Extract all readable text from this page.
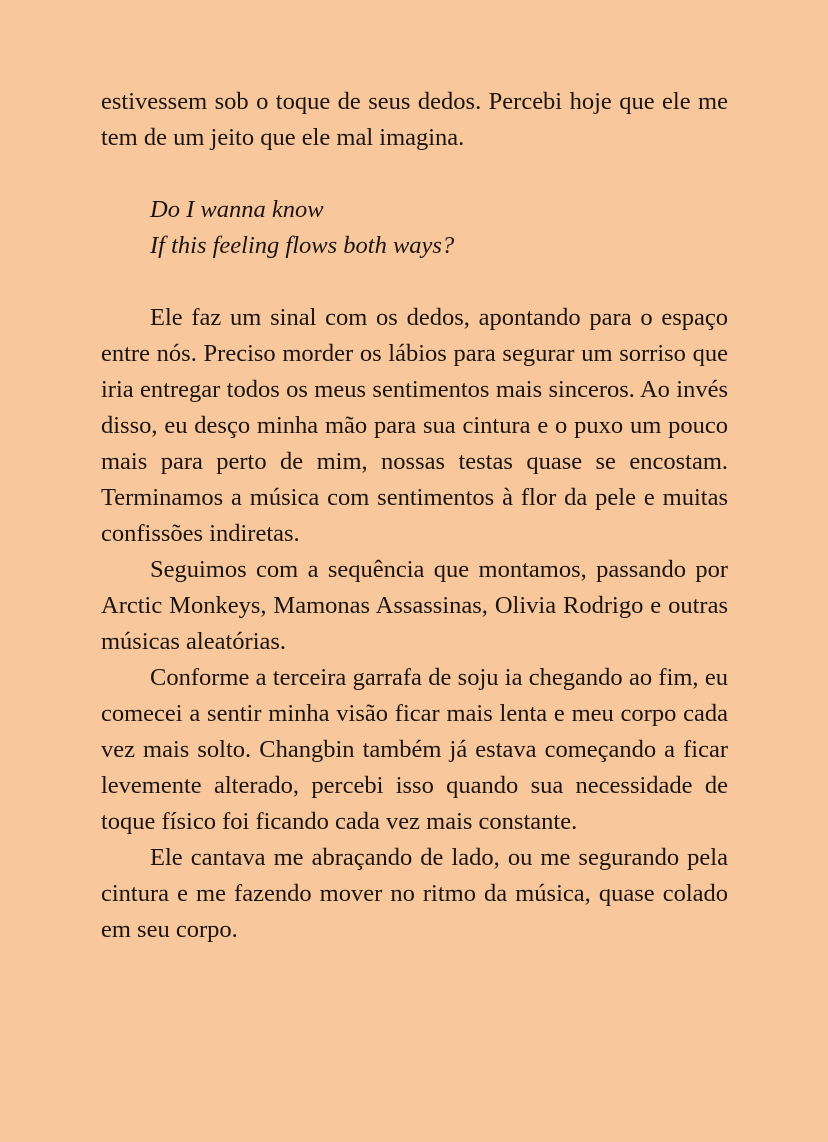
estivessem sob o toque de seus dedos. Percebi hoje que ele me tem de um jeito que ele mal imagina.

Do I wanna know
If this feeling flows both ways?

Ele faz um sinal com os dedos, apontando para o espaço entre nós. Preciso morder os lábios para segurar um sorriso que iria entregar todos os meus sentimentos mais sinceros. Ao invés disso, eu desço minha mão para sua cintura e o puxo um pouco mais para perto de mim, nossas testas quase se encostam. Terminamos a música com sentimentos à flor da pele e muitas confissões indiretas.

Seguimos com a sequência que montamos, passando por Arctic Monkeys, Mamonas Assassinas, Olivia Rodrigo e outras músicas aleatórias.

Conforme a terceira garrafa de soju ia chegando ao fim, eu comecei a sentir minha visão ficar mais lenta e meu corpo cada vez mais solto. Changbin também já estava começando a ficar levemente alterado, percebi isso quando sua necessidade de toque físico foi ficando cada vez mais constante.

Ele cantava me abraçando de lado, ou me segurando pela cintura e me fazendo mover no ritmo da música, quase colado em seu corpo.
